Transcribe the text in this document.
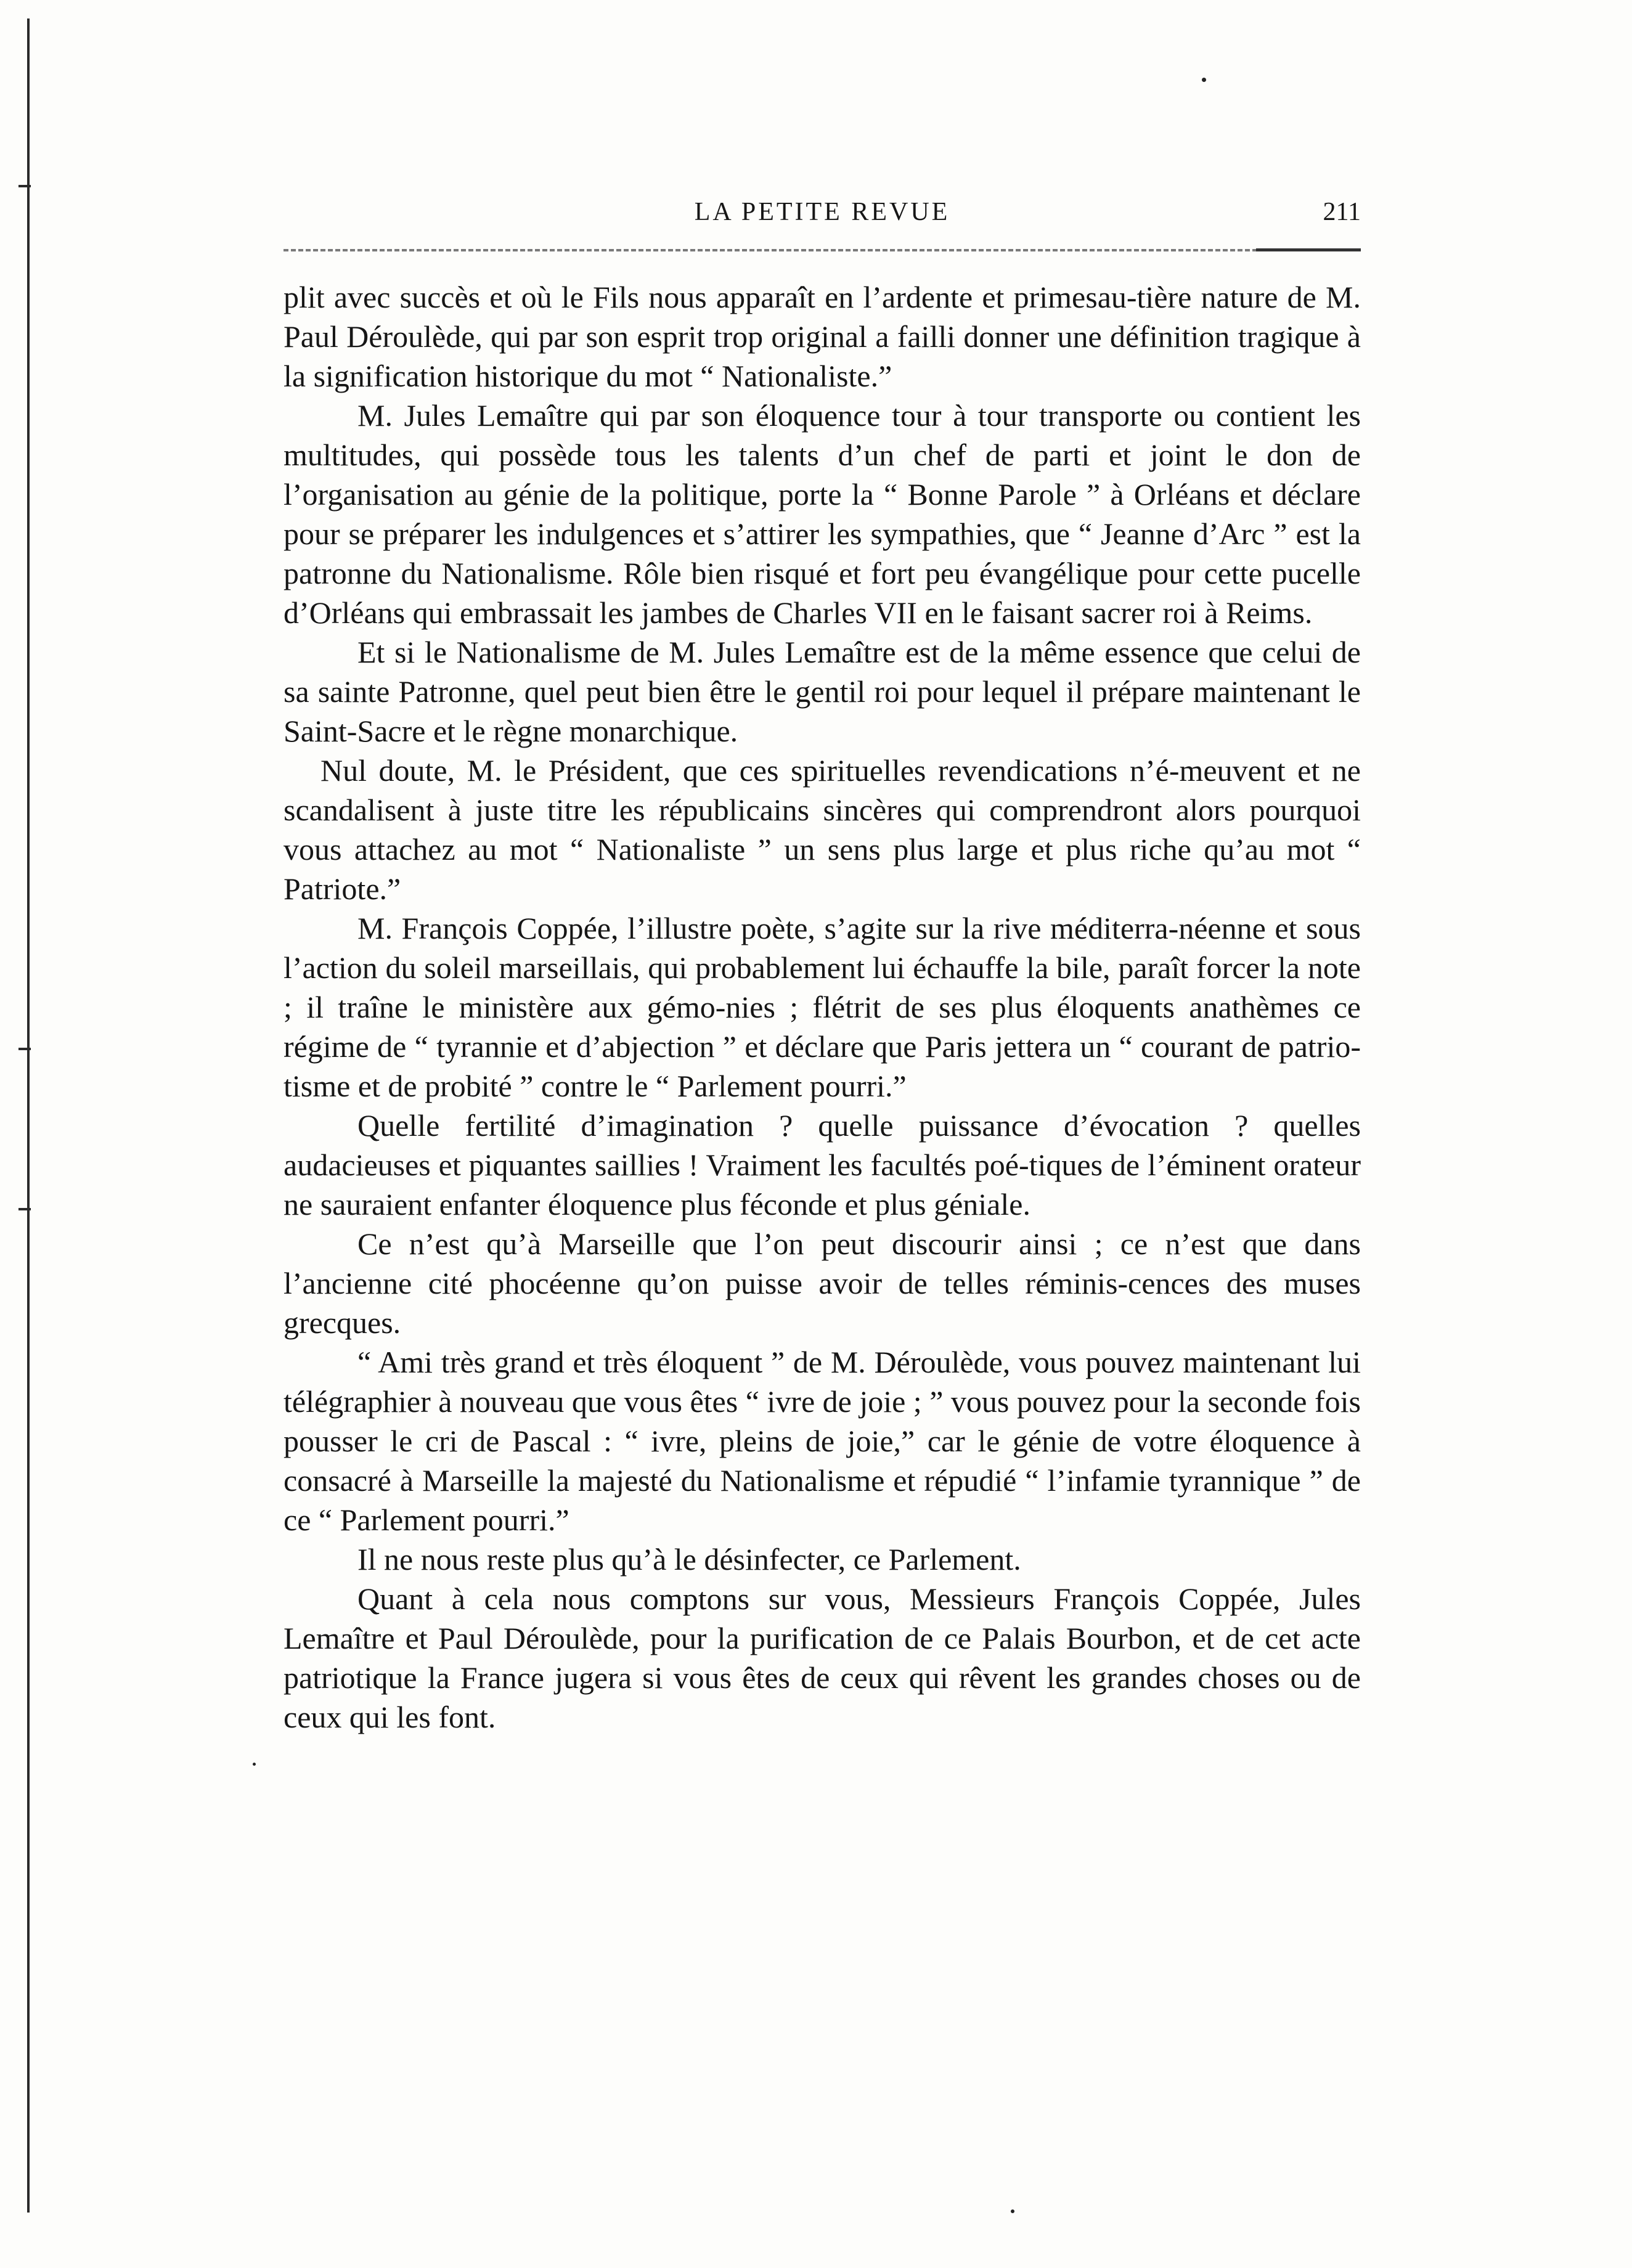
LA PETITE REVUE	211

plit avec succès et où le Fils nous apparaît en l’ardente et primesau-tière nature de M. Paul Déroulède, qui par son esprit trop original a failli donner une définition tragique à la signification historique du mot “ Nationaliste.”

M. Jules Lemaître qui par son éloquence tour à tour transporte ou contient les multitudes, qui possède tous les talents d’un chef de parti et joint le don de l’organisation au génie de la politique, porte la “ Bonne Parole ” à Orléans et déclare pour se préparer les indulgences et s’attirer les sympathies, que “ Jeanne d’Arc ” est la patronne du Nationalisme. Rôle bien risqué et fort peu évangélique pour cette pucelle d’Orléans qui embrassait les jambes de Charles VII en le faisant sacrer roi à Reims.

Et si le Nationalisme de M. Jules Lemaître est de la même essence que celui de sa sainte Patronne, quel peut bien être le gentil roi pour lequel il prépare maintenant le Saint-Sacre et le règne monarchique.

Nul doute, M. le Président, que ces spirituelles revendications n’é-meuvent et ne scandalisent à juste titre les républicains sincères qui comprendront alors pourquoi vous attachez au mot “ Nationaliste ” un sens plus large et plus riche qu’au mot “ Patriote.”

M. François Coppée, l’illustre poète, s’agite sur la rive méditerra-néenne et sous l’action du soleil marseillais, qui probablement lui échauffe la bile, paraît forcer la note ; il traîne le ministère aux gémo-nies ; flétrit de ses plus éloquents anathèmes ce régime de “ tyrannie et d’abjection ” et déclare que Paris jettera un “ courant de patrio-tisme et de probité ” contre le “ Parlement pourri.”

Quelle fertilité d’imagination ? quelle puissance d’évocation ? quelles audacieuses et piquantes saillies ! Vraiment les facultés poé-tiques de l’éminent orateur ne sauraient enfanter éloquence plus féconde et plus géniale.

Ce n’est qu’à Marseille que l’on peut discourir ainsi ; ce n’est que dans l’ancienne cité phocéenne qu’on puisse avoir de telles réminis-cences des muses grecques.

“ Ami très grand et très éloquent ” de M. Déroulède, vous pouvez maintenant lui télégraphier à nouveau que vous êtes “ ivre de joie ; ” vous pouvez pour la seconde fois pousser le cri de Pascal : “ ivre, pleins de joie,” car le génie de votre éloquence à consacré à Marseille la majesté du Nationalisme et répudié “ l’infamie tyrannique ” de ce “ Parlement pourri.”

Il ne nous reste plus qu’à le désinfecter, ce Parlement.

Quant à cela nous comptons sur vous, Messieurs François Coppée, Jules Lemaître et Paul Déroulède, pour la purification de ce Palais Bourbon, et de cet acte patriotique la France jugera si vous êtes de ceux qui rêvent les grandes choses ou de ceux qui les font.
